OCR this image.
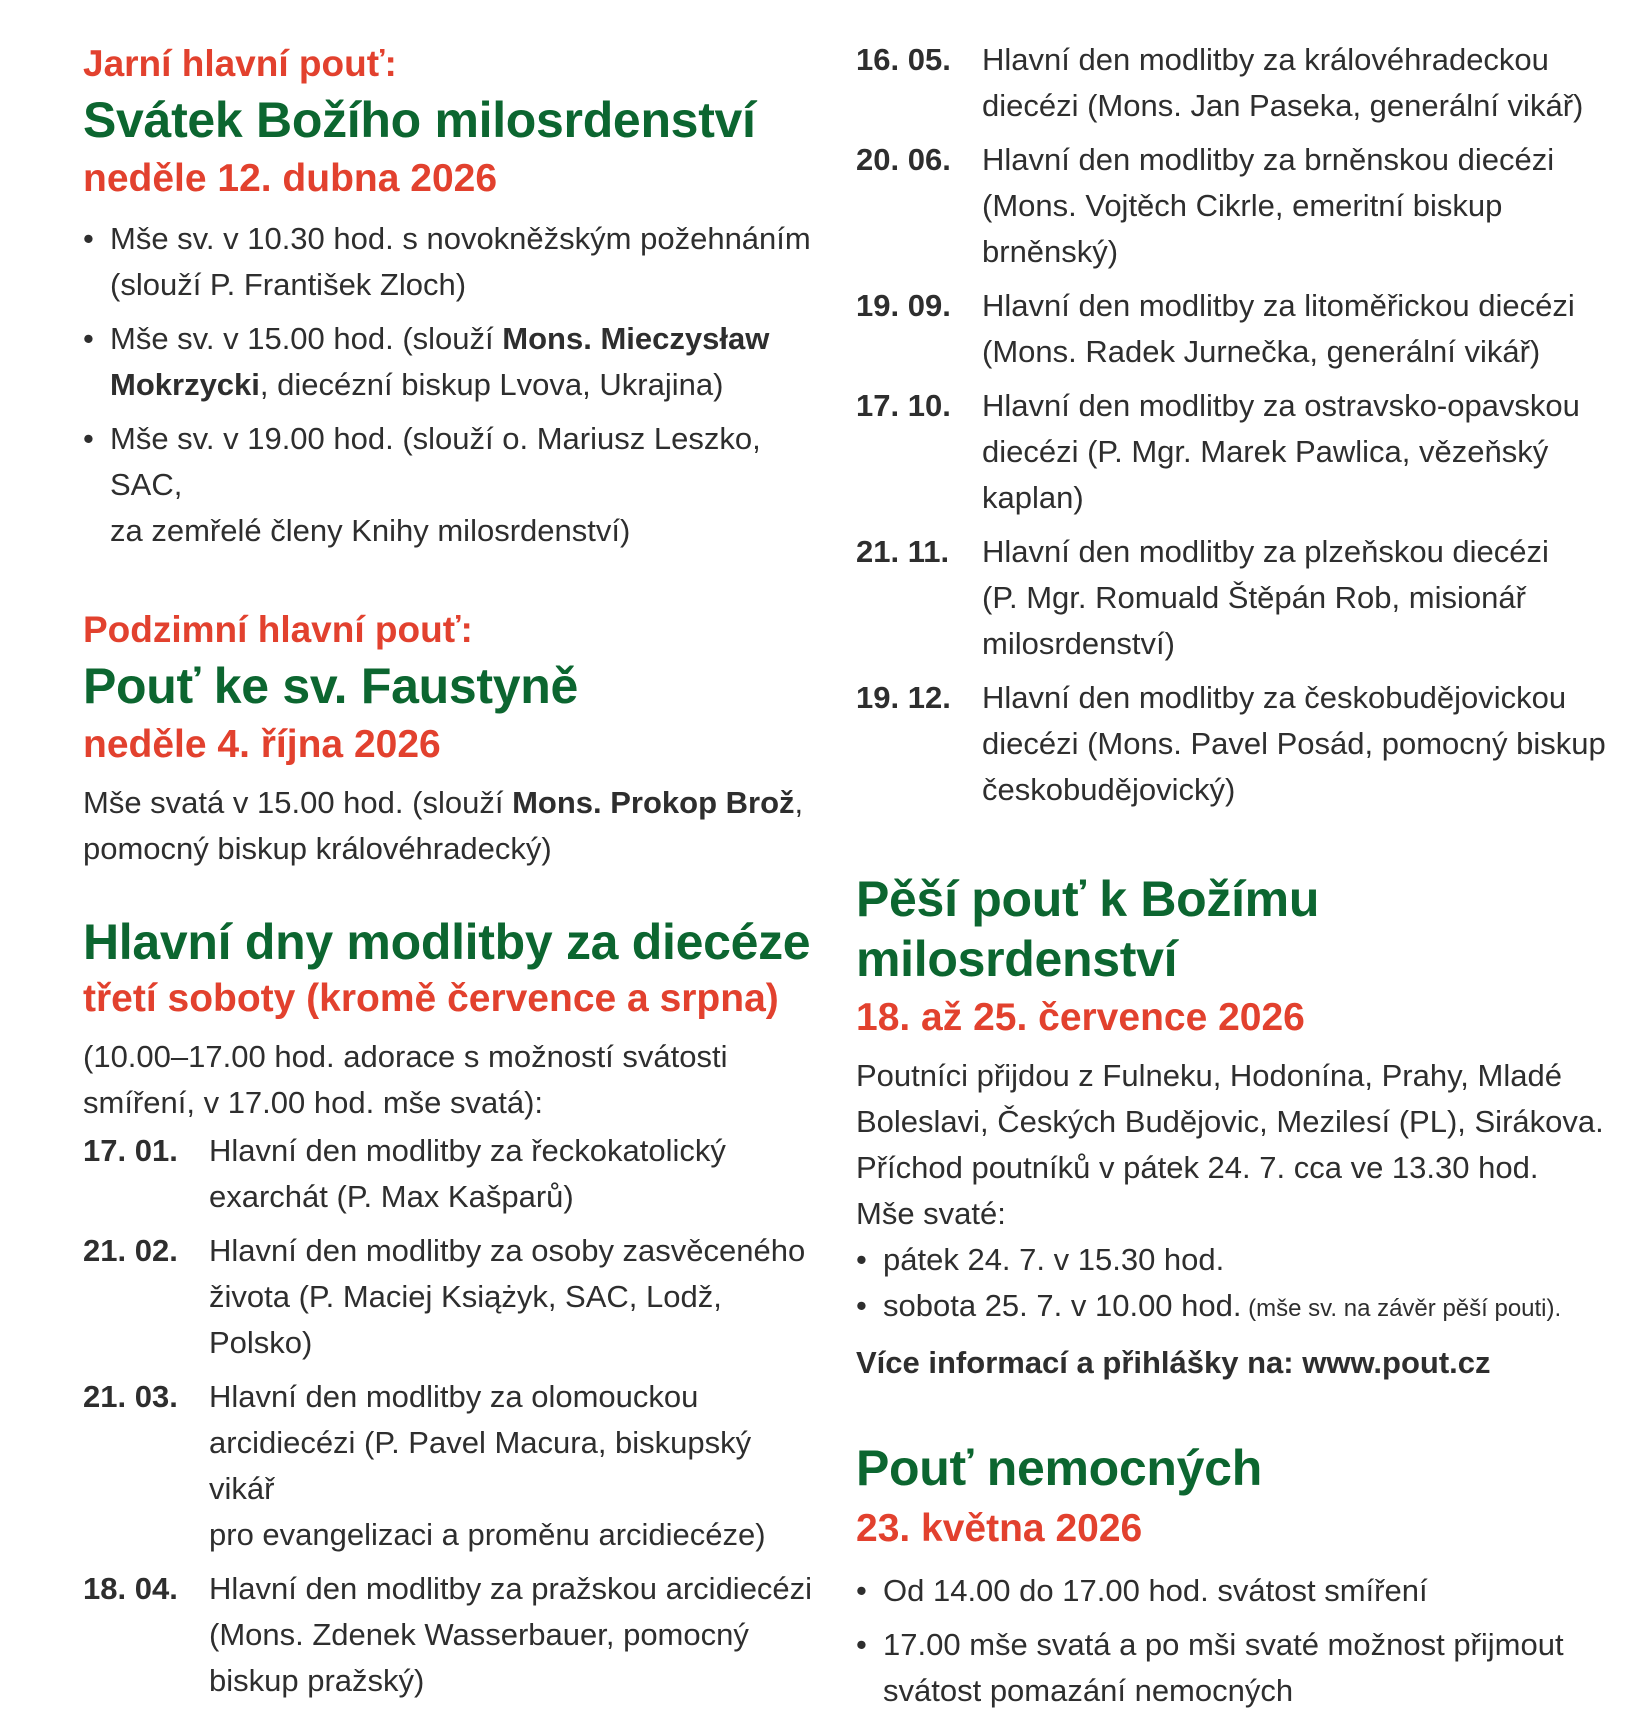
Jarní hlavní pouť:

Svátek Božího milosrdenství

neděle 12. dubna 2026

• Mše sv. v 10.30 hod. s novokněžským požehnáním
(slouží P. František Zloch)
• Mše sv. v 15.00 hod. (slouží Mons. Mieczysław
Mokrzycki, diecézní biskup Lvova, Ukrajina)
• Mše sv. v 19.00 hod. (slouží o. Mariusz Leszko, SAC,
za zemřelé členy Knihy milosrdenství)

Podzimní hlavní pouť:

Pouť ke sv. Faustyně

neděle 4. října 2026

Mše svatá v 15.00 hod. (slouží Mons. Prokop Brož,
pomocný biskup královéhradecký)
Hlavní dny modlitby za diecéze

třetí soboty (kromě července a srpna)

(10.00–17.00 hod. adorace s možností svátosti
smíření, v 17.00 hod. mše svatá):
17. 01.	Hlavní den modlitby za řeckokatolický
exarchát (P. Max Kašparů)
21. 02.	Hlavní den modlitby za osoby zasvěceného
života (P. Maciej Książyk, SAC, Lodž, Polsko)
21. 03.	Hlavní den modlitby za olomouckou
arcidiecézi (P. Pavel Macura, biskupský vikář
pro evangelizaci a proměnu arcidiecéze)
18. 04.	Hlavní den modlitby za pražskou arcidiecézi
(Mons. Zdenek Wasserbauer, pomocný
biskup pražský)
16. 05.	Hlavní den modlitby za královéhradeckou
diecézi (Mons. Jan Paseka, generální vikář)
20. 06.	Hlavní den modlitby za brněnskou diecézi
(Mons. Vojtěch Cikrle, emeritní biskup
brněnský)
19. 09.	Hlavní den modlitby za litoměřickou diecézi
(Mons. Radek Jurnečka, generální vikář)
17. 10.	Hlavní den modlitby za ostravsko-opavskou
diecézi (P. Mgr. Marek Pawlica, vězeňský
kaplan)
21. 11.	Hlavní den modlitby za plzeňskou diecézi
(P. Mgr. Romuald Štěpán Rob, misionář
milosrdenství)
19. 12.	Hlavní den modlitby za českobudějovickou
diecézi (Mons. Pavel Posád, pomocný biskup
českobudějovický)
Pěší pouť k Božímu milosrdenství

18. až 25. července 2026

Poutníci přijdou z Fulneku, Hodonína, Prahy, Mladé
Boleslavi, Českých Budějovic, Mezilesí (PL), Sirákova.
Příchod poutníků v pátek 24. 7. cca ve 13.30 hod.
Mše svaté:
• pátek 24. 7. v 15.30 hod.
• sobota 25. 7. v 10.00 hod. (mše sv. na závěr pěší pouti).
Více informací a přihlášky na: www.pout.cz
Pouť nemocných

23. května 2026

• Od 14.00 do 17.00 hod. svátost smíření
• 17.00 mše svatá a po mši svaté možnost přijmout
svátost pomazání nemocných
